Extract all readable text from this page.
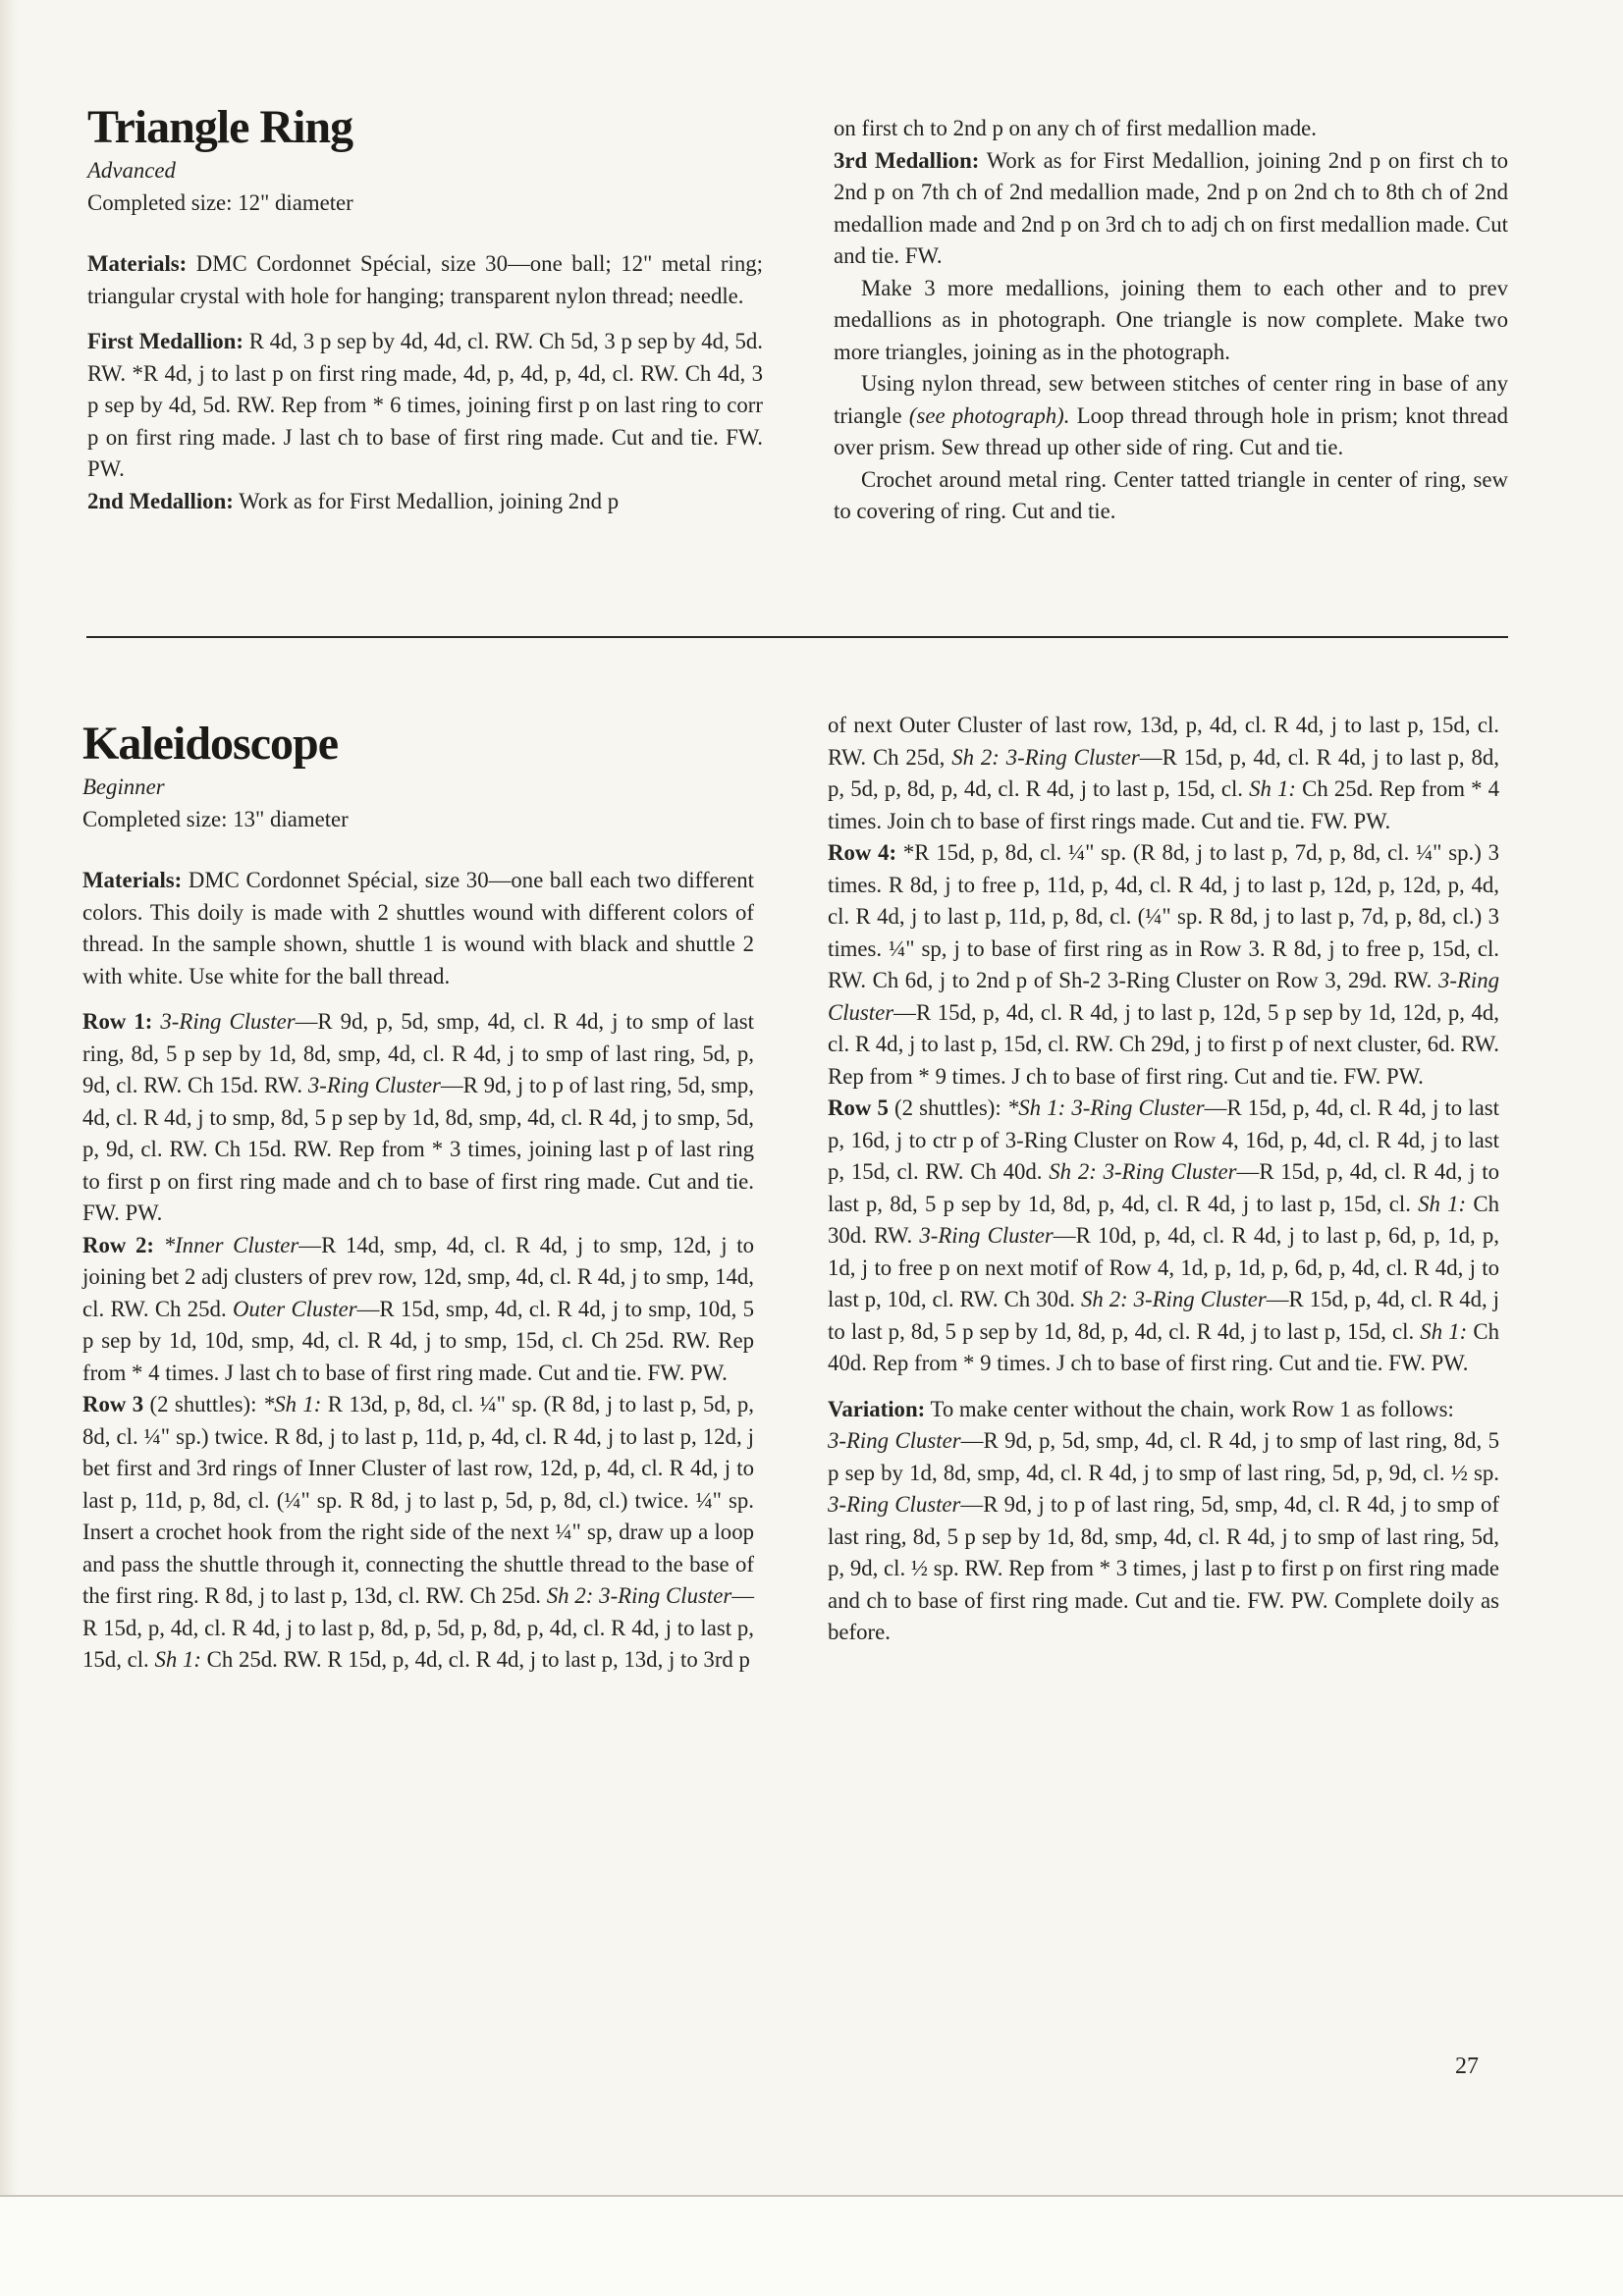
Triangle Ring

Advanced

Completed size: 12" diameter

Materials: DMC Cordonnet Spécial, size 30—one ball; 12" metal ring; triangular crystal with hole for hanging; transparent nylon thread; needle.

First Medallion: R 4d, 3 p sep by 4d, 4d, cl. RW. Ch 5d, 3 p sep by 4d, 5d. RW. *R 4d, j to last p on first ring made, 4d, p, 4d, p, 4d, cl. RW. Ch 4d, 3 p sep by 4d, 5d. RW. Rep from * 6 times, joining first p on last ring to corr p on first ring made. J last ch to base of first ring made. Cut and tie. FW. PW.

2nd Medallion: Work as for First Medallion, joining 2nd p

on first ch to 2nd p on any ch of first medallion made.

3rd Medallion: Work as for First Medallion, joining 2nd p on first ch to 2nd p on 7th ch of 2nd medallion made, 2nd p on 2nd ch to 8th ch of 2nd medallion made and 2nd p on 3rd ch to adj ch on first medallion made. Cut and tie. FW.

Make 3 more medallions, joining them to each other and to prev medallions as in photograph. One triangle is now complete. Make two more triangles, joining as in the photograph.

Using nylon thread, sew between stitches of center ring in base of any triangle (see photograph). Loop thread through hole in prism; knot thread over prism. Sew thread up other side of ring. Cut and tie.

Crochet around metal ring. Center tatted triangle in center of ring, sew to covering of ring. Cut and tie.

Kaleidoscope

Beginner

Completed size: 13" diameter

Materials: DMC Cordonnet Spécial, size 30—one ball each two different colors. This doily is made with 2 shuttles wound with different colors of thread. In the sample shown, shuttle 1 is wound with black and shuttle 2 with white. Use white for the ball thread.

Row 1: 3-Ring Cluster—R 9d, p, 5d, smp, 4d, cl. R 4d, j to smp of last ring, 8d, 5 p sep by 1d, 8d, smp, 4d, cl. R 4d, j to smp of last ring, 5d, p, 9d, cl. RW. Ch 15d. RW. 3-Ring Cluster—R 9d, j to p of last ring, 5d, smp, 4d, cl. R 4d, j to smp, 8d, 5 p sep by 1d, 8d, smp, 4d, cl. R 4d, j to smp, 5d, p, 9d, cl. RW. Ch 15d. RW. Rep from * 3 times, joining last p of last ring to first p on first ring made and ch to base of first ring made. Cut and tie. FW. PW.

Row 2: *Inner Cluster—R 14d, smp, 4d, cl. R 4d, j to smp, 12d, j to joining bet 2 adj clusters of prev row, 12d, smp, 4d, cl. R 4d, j to smp, 14d, cl. RW. Ch 25d. Outer Cluster—R 15d, smp, 4d, cl. R 4d, j to smp, 10d, 5 p sep by 1d, 10d, smp, 4d, cl. R 4d, j to smp, 15d, cl. Ch 25d. RW. Rep from * 4 times. J last ch to base of first ring made. Cut and tie. FW. PW.

Row 3 (2 shuttles): *Sh 1: R 13d, p, 8d, cl. ¼" sp. (R 8d, j to last p, 5d, p, 8d, cl. ¼" sp.) twice. R 8d, j to last p, 11d, p, 4d, cl. R 4d, j to last p, 12d, j bet first and 3rd rings of Inner Cluster of last row, 12d, p, 4d, cl. R 4d, j to last p, 11d, p, 8d, cl. (¼" sp. R 8d, j to last p, 5d, p, 8d, cl.) twice. ¼" sp. Insert a crochet hook from the right side of the next ¼" sp, draw up a loop and pass the shuttle through it, connecting the shuttle thread to the base of the first ring. R 8d, j to last p, 13d, cl. RW. Ch 25d. Sh 2: 3-Ring Cluster—R 15d, p, 4d, cl. R 4d, j to last p, 8d, p, 5d, p, 8d, p, 4d, cl. R 4d, j to last p, 15d, cl. Sh 1: Ch 25d. RW. R 15d, p, 4d, cl. R 4d, j to last p, 13d, j to 3rd p

of next Outer Cluster of last row, 13d, p, 4d, cl. R 4d, j to last p, 15d, cl. RW. Ch 25d, Sh 2: 3-Ring Cluster—R 15d, p, 4d, cl. R 4d, j to last p, 8d, p, 5d, p, 8d, p, 4d, cl. R 4d, j to last p, 15d, cl. Sh 1: Ch 25d. Rep from * 4 times. Join ch to base of first rings made. Cut and tie. FW. PW.

Row 4: *R 15d, p, 8d, cl. ¼" sp. (R 8d, j to last p, 7d, p, 8d, cl. ¼" sp.) 3 times. R 8d, j to free p, 11d, p, 4d, cl. R 4d, j to last p, 12d, p, 12d, p, 4d, cl. R 4d, j to last p, 11d, p, 8d, cl. (¼" sp. R 8d, j to last p, 7d, p, 8d, cl.) 3 times. ¼" sp, j to base of first ring as in Row 3. R 8d, j to free p, 15d, cl. RW. Ch 6d, j to 2nd p of Sh-2 3-Ring Cluster on Row 3, 29d. RW. 3-Ring Cluster—R 15d, p, 4d, cl. R 4d, j to last p, 12d, 5 p sep by 1d, 12d, p, 4d, cl. R 4d, j to last p, 15d, cl. RW. Ch 29d, j to first p of next cluster, 6d. RW. Rep from * 9 times. J ch to base of first ring. Cut and tie. FW. PW.

Row 5 (2 shuttles): *Sh 1: 3-Ring Cluster—R 15d, p, 4d, cl. R 4d, j to last p, 16d, j to ctr p of 3-Ring Cluster on Row 4, 16d, p, 4d, cl. R 4d, j to last p, 15d, cl. RW. Ch 40d. Sh 2: 3-Ring Cluster—R 15d, p, 4d, cl. R 4d, j to last p, 8d, 5 p sep by 1d, 8d, p, 4d, cl. R 4d, j to last p, 15d, cl. Sh 1: Ch 30d. RW. 3-Ring Cluster—R 10d, p, 4d, cl. R 4d, j to last p, 6d, p, 1d, p, 1d, j to free p on next motif of Row 4, 1d, p, 1d, p, 6d, p, 4d, cl. R 4d, j to last p, 10d, cl. RW. Ch 30d. Sh 2: 3-Ring Cluster—R 15d, p, 4d, cl. R 4d, j to last p, 8d, 5 p sep by 1d, 8d, p, 4d, cl. R 4d, j to last p, 15d, cl. Sh 1: Ch 40d. Rep from * 9 times. J ch to base of first ring. Cut and tie. FW. PW.

Variation: To make center without the chain, work Row 1 as follows:

3-Ring Cluster—R 9d, p, 5d, smp, 4d, cl. R 4d, j to smp of last ring, 8d, 5 p sep by 1d, 8d, smp, 4d, cl. R 4d, j to smp of last ring, 5d, p, 9d, cl. ½ sp. 3-Ring Cluster—R 9d, j to p of last ring, 5d, smp, 4d, cl. R 4d, j to smp of last ring, 8d, 5 p sep by 1d, 8d, smp, 4d, cl. R 4d, j to smp of last ring, 5d, p, 9d, cl. ½ sp. RW. Rep from * 3 times, j last p to first p on first ring made and ch to base of first ring made. Cut and tie. FW. PW. Complete doily as before.

27
